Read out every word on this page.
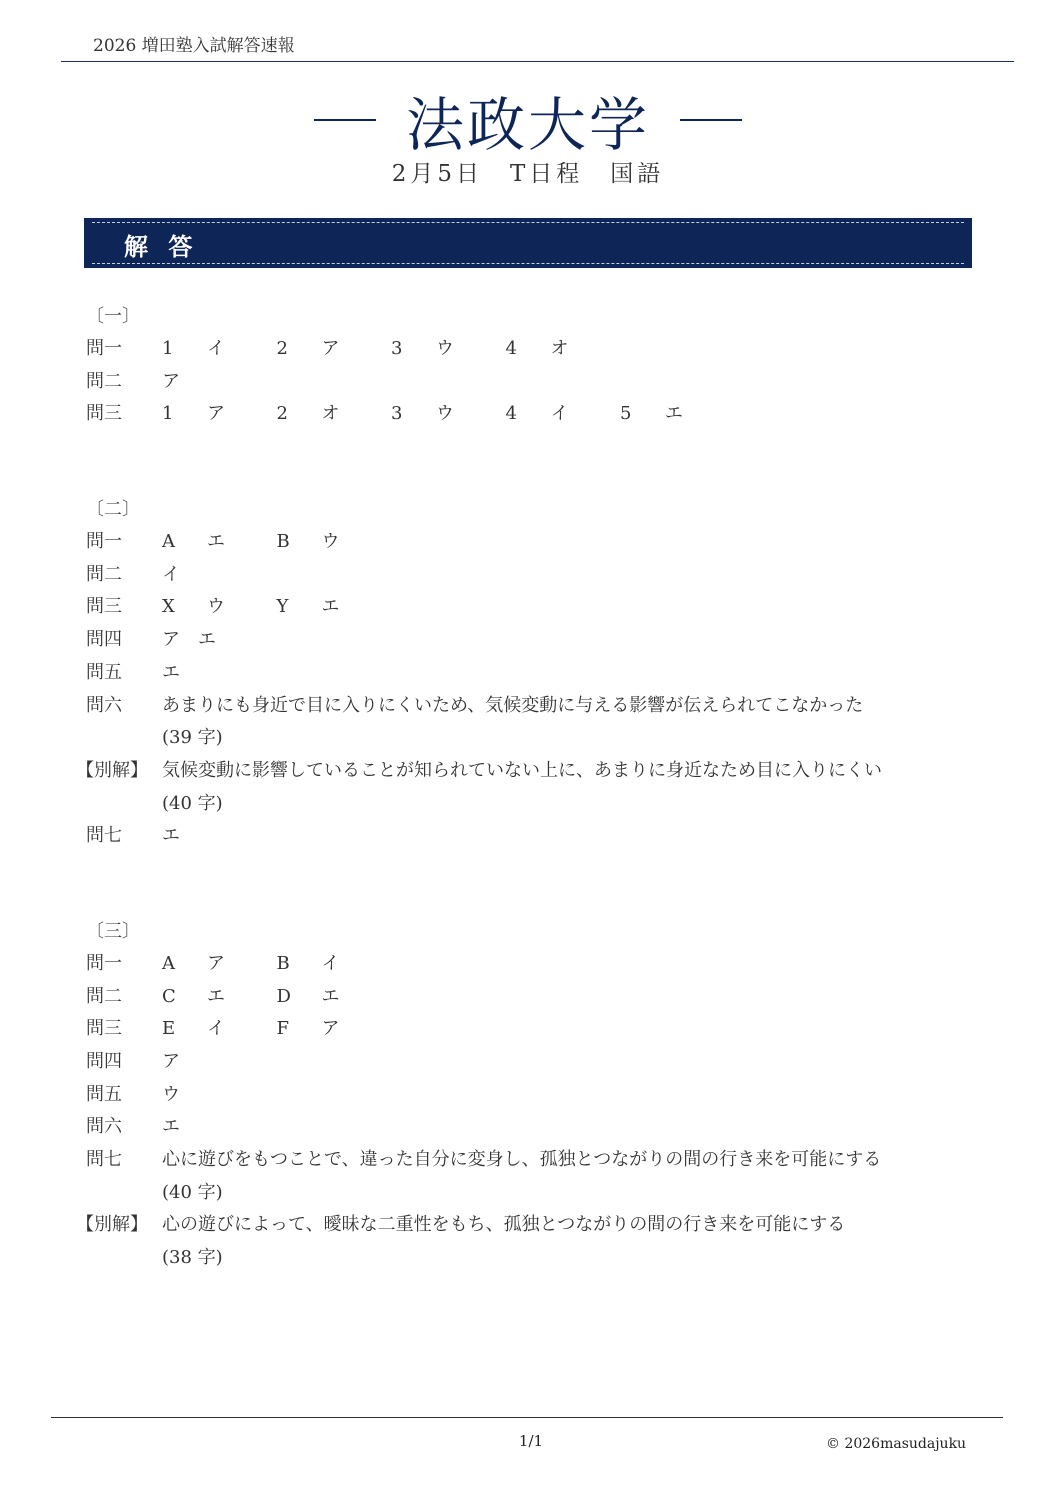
2026 増田塾入試解答速報
法政大学
2月5日　T日程　国語
解 答
〔一〕
問一	1	イ	2	ア	3	ウ	4	オ
問二	ア
問三	1	ア	2	オ	3	ウ	4	イ	5	エ
〔二〕
問一	A	エ	B	ウ
問二	イ
問三	X	ウ	Y	エ
問四	ア　エ
問五	エ
問六	あまりにも身近で目に入りにくいため、気候変動に与える影響が伝えられてこなかった
(39 字)
【別解】 気候変動に影響していることが知られていない上に、あまりに身近なため目に入りにくい
(40 字)
問七	エ
〔三〕
問一	A	ア	B	イ
問二	C	エ	D	エ
問三	E	イ	F	ア
問四	ア
問五	ウ
問六	エ
問七	心に遊びをもつことで、違った自分に変身し、孤独とつながりの間の行き来を可能にする
(40 字)
【別解】 心の遊びによって、曖昧な二重性をもち、孤独とつながりの間の行き来を可能にする
(38 字)
1/1	© 2026masudajuku
